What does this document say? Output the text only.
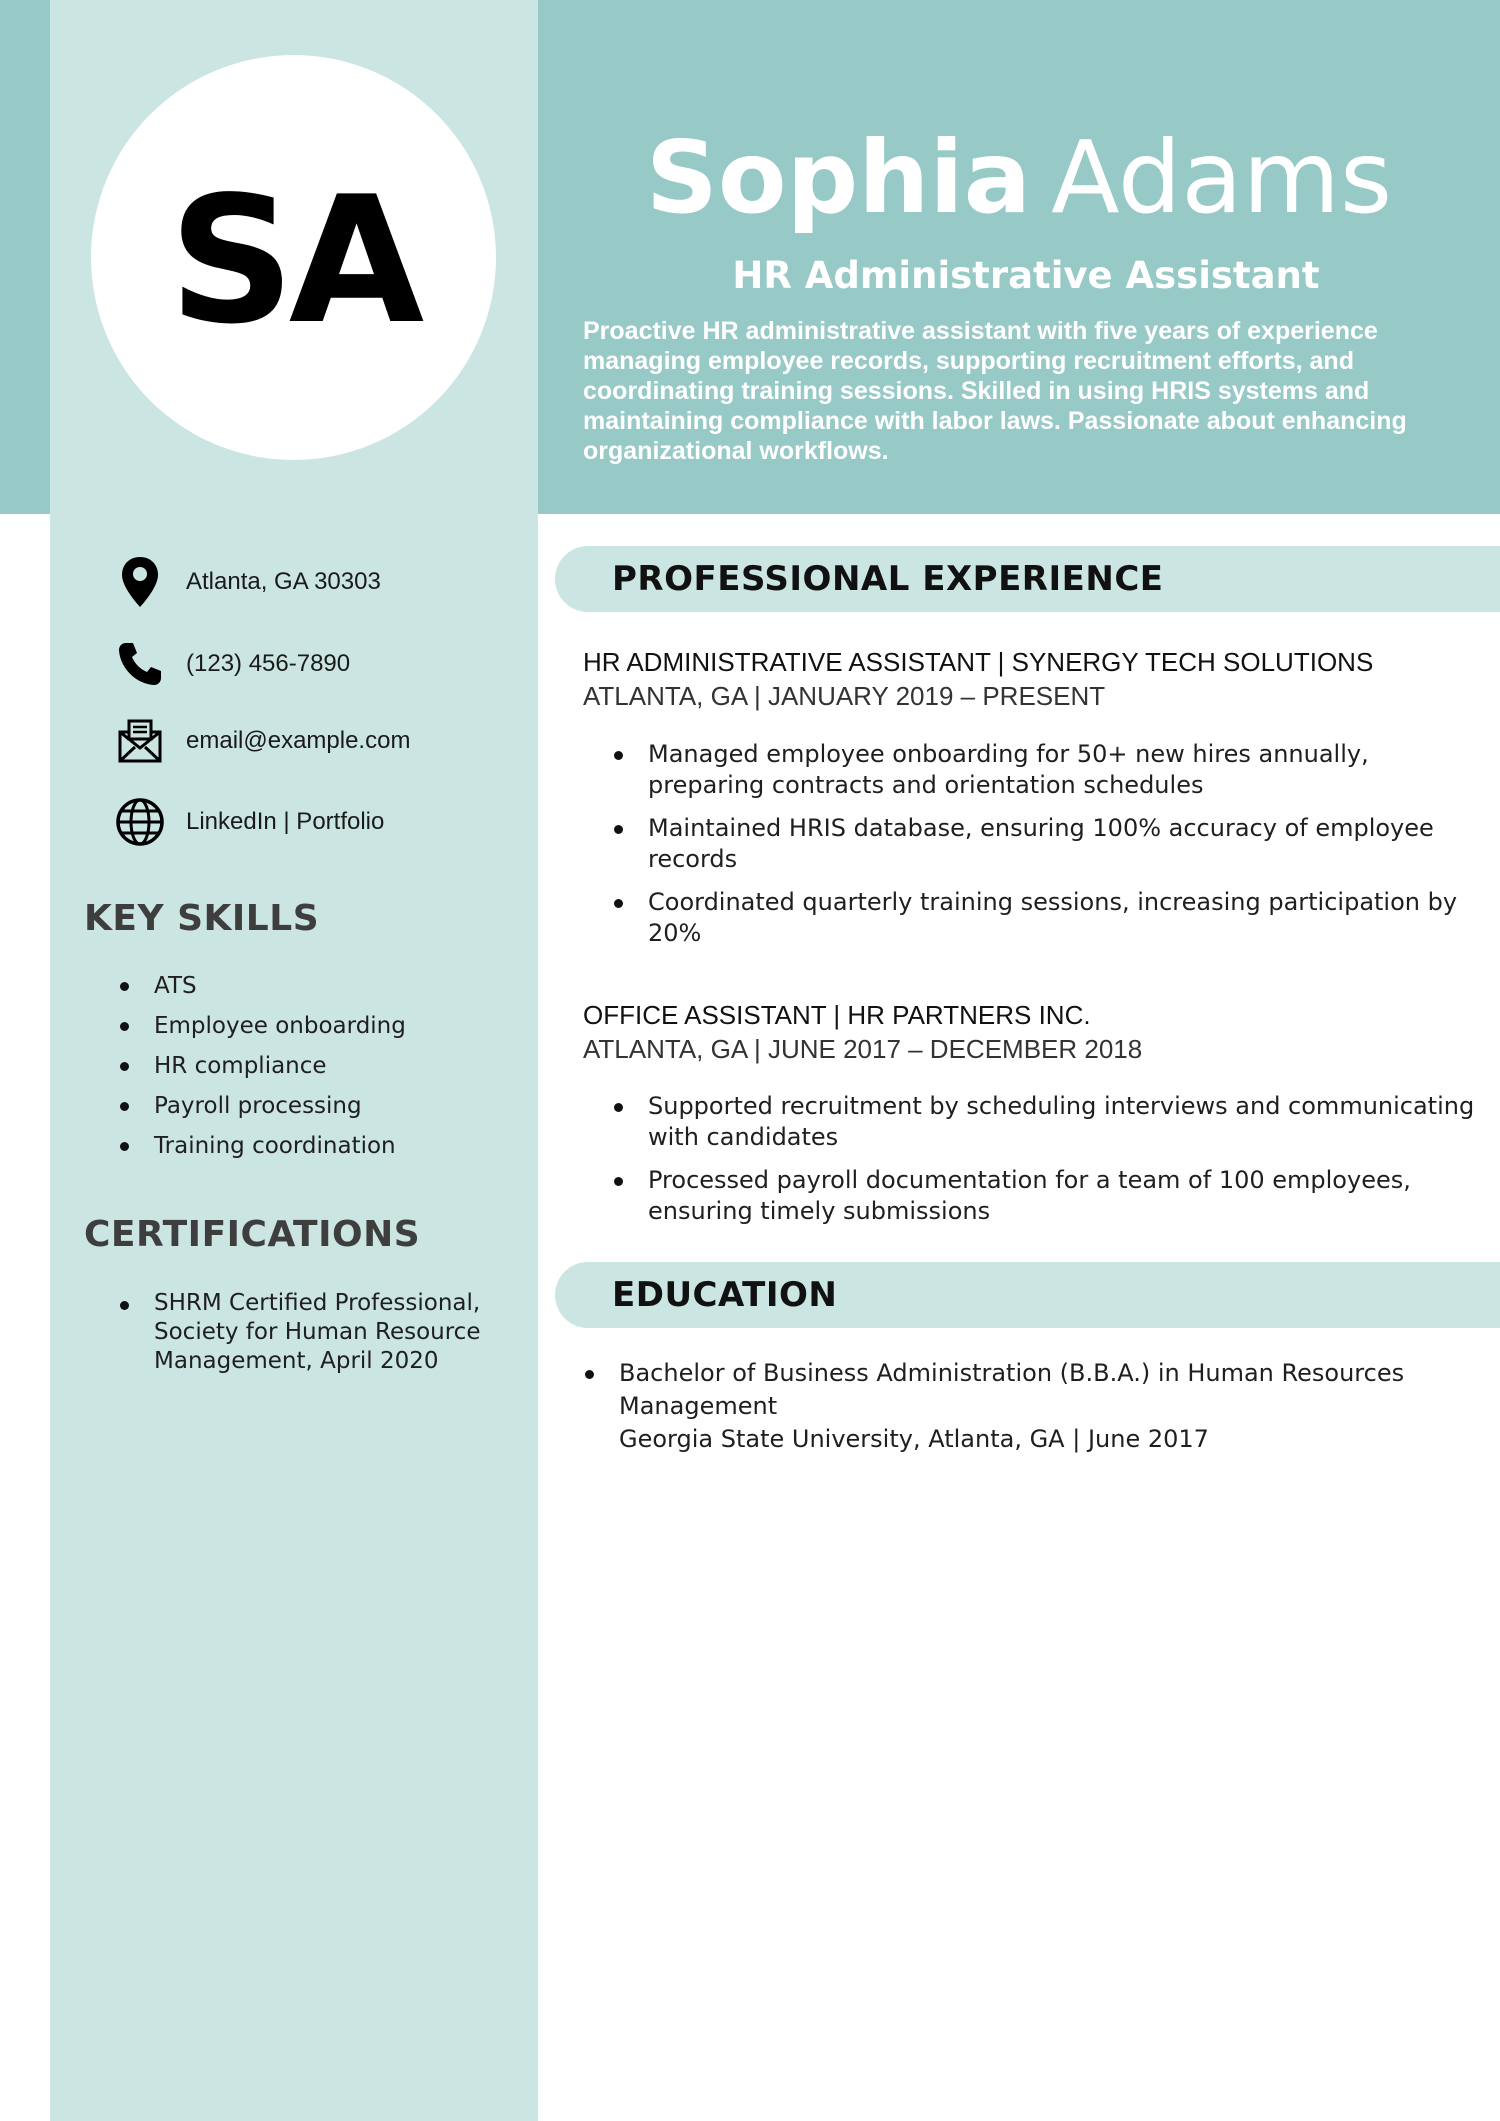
SA	Sophia Adams
HR Administrative Assistant
Proactive HR administrative assistant with five years of experience managing employee records, supporting recruitment efforts, and coordinating training sessions. Skilled in using HRIS systems and maintaining compliance with labor laws. Passionate about enhancing organizational workflows.
Atlanta, GA 30303
(123) 456-7890
email@example.com
LinkedIn | Portfolio
KEY SKILLS
ATS
Employee onboarding
HR compliance
Payroll processing
Training coordination
CERTIFICATIONS
SHRM Certified Professional, Society for Human Resource Management, April 2020
PROFESSIONAL EXPERIENCE
HR ADMINISTRATIVE ASSISTANT | SYNERGY TECH SOLUTIONS
ATLANTA, GA | JANUARY 2019 – PRESENT
Managed employee onboarding for 50+ new hires annually, preparing contracts and orientation schedules
Maintained HRIS database, ensuring 100% accuracy of employee records
Coordinated quarterly training sessions, increasing participation by 20%
OFFICE ASSISTANT | HR PARTNERS INC.
ATLANTA, GA | JUNE 2017 – DECEMBER 2018
Supported recruitment by scheduling interviews and communicating with candidates
Processed payroll documentation for a team of 100 employees, ensuring timely submissions
EDUCATION
Bachelor of Business Administration (B.B.A.) in Human Resources Management
Georgia State University, Atlanta, GA | June 2017
